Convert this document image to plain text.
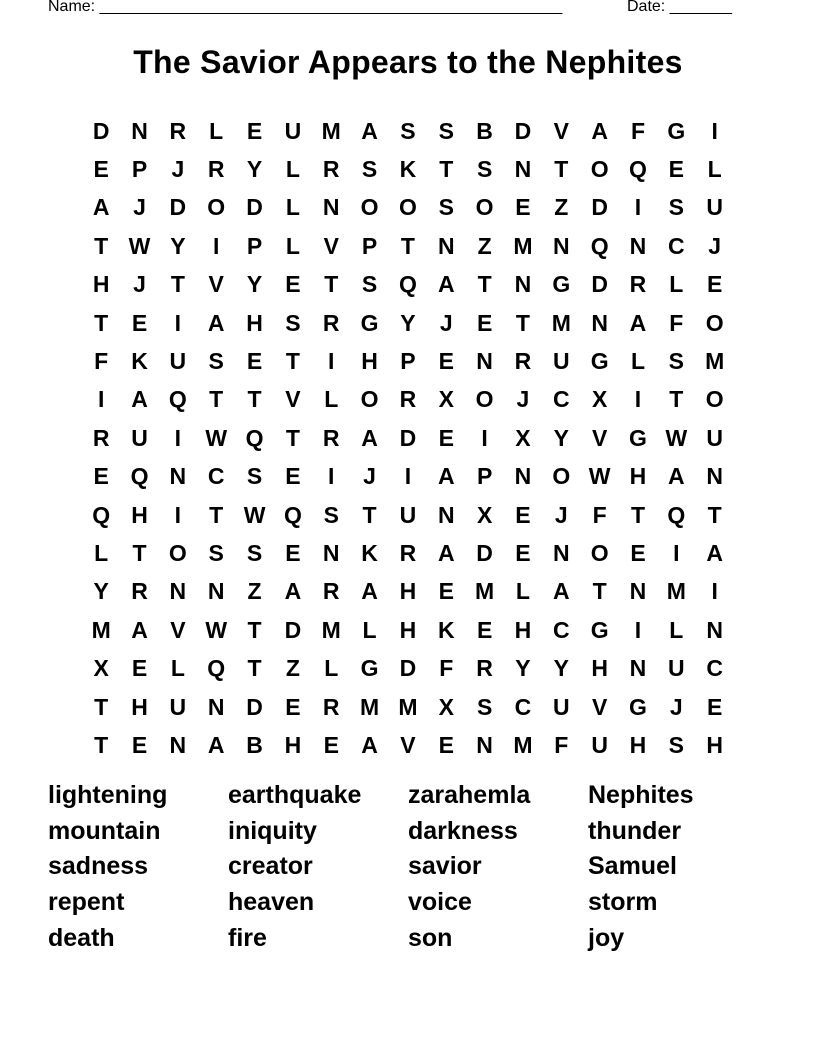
Name: ____________________________________________________	Date: _______
The Savior Appears to the Nephites
D N R	L	E U M A S	S B D V A	F G	I
E	P	J	R Y	L	R S K	T	S N	T O Q E	L
A	J	D O D	L	N O O S O E	Z	D	I	S U
T W Y	I	P	L	V	P	T	N	Z M N Q N C	J
H	J	T	V	Y	E	T	S Q A	T	N G D R	L	E
T	E	I	A H S R G Y	J	E	T M N A	F O
F	K U S	E	T	I	H P	E N R U G L	S M
I	A Q T	T	V	L O R X O	J	C X	I	T O
R U	I	W Q T	R A D E	I	X	Y	V G W U
E Q N C S	E	I	J	I	A P N O W H A N
Q H	I	T W Q S	T	U N X	E	J	F	T Q T
L	T O S	S	E N K R A D E N O E	I	A
Y R N N	Z	A R A H E M L	A	T	N M	I
M A V W T	D M L	H K E H C G	I	L	N
X	E	L Q T	Z	L G D	F	R Y	Y H N U C
T	H U N D E R M M X	S C U V G	J	E
T	E N A B H E A V	E N M F	U H S H
lightening	earthquake	zarahemla	Nephites
mountain	iniquity	darkness	thunder
sadness	creator	savior	Samuel
repent	heaven	voice	storm
death	fire	son	joy
